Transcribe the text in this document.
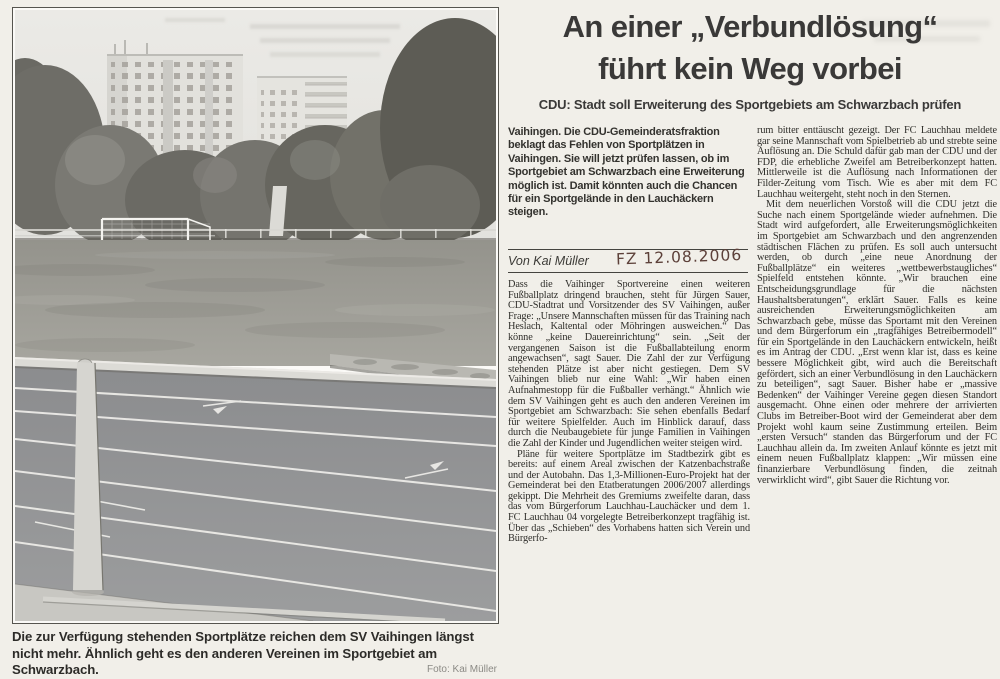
Die zur Verfügung stehenden Sportplätze reichen dem SV Vaihingen längst nicht mehr. Ähnlich geht es den anderen Vereinen im Sportgebiet am Schwarzbach.	Foto: Kai Müller
An einer „Verbundlösung“
führt kein Weg vorbei
CDU: Stadt soll Erweiterung des Sportgebiets am Schwarzbach prüfen
Vaihingen. Die CDU-Gemeinderatsfraktion beklagt das Fehlen von Sportplätzen in Vaihingen. Sie will jetzt prüfen lassen, ob im Sportgebiet am Schwarzbach eine Erweiterung möglich ist. Damit könnten auch die Chancen für ein Sportgelände in den Lauchäckern steigen.
Von Kai Müller FZ 12.08.2006

Dass die Vaihinger Sportvereine einen weiteren Fußballplatz dringend brauchen, steht für Jürgen Sauer, CDU-Stadtrat und Vorsitzender des SV Vaihingen, außer Frage: „Unsere Mannschaften müssen für das Training nach Heslach, Kaltental oder Möhringen ausweichen.“ Das könne „keine Dauereinrichtung“ sein. „Seit der vergangenen Saison ist die Fußballabteilung enorm angewachsen“, sagt Sauer. Die Zahl der zur Verfügung stehenden Plätze ist aber nicht gestiegen. Dem SV Vaihingen blieb nur eine Wahl: „Wir haben einen Aufnahmestopp für die Fußballer verhängt.“ Ähnlich wie dem SV Vaihingen geht es auch den anderen Vereinen im Sportgebiet am Schwarzbach: Sie sehen ebenfalls Bedarf für weitere Spielfelder. Auch im Hinblick darauf, dass durch die Neubaugebiete für junge Familien in Vaihingen die Zahl der Kinder und Jugendlichen weiter steigen wird.

Pläne für weitere Sportplätze im Stadtbezirk gibt es bereits: auf einem Areal zwischen der Katzenbachstraße und der Autobahn. Das 1,3-Millionen-Euro-Projekt hat der Gemeinderat bei den Etatberatungen 2006/2007 allerdings gekippt. Die Mehrheit des Gremiums zweifelte daran, dass das vom Bürgerforum Lauchhau-Lauchäcker und dem 1. FC Lauchhau 04 vorgelegte Betreiberkonzept tragfähig ist. Über das „Schieben“ des Vorhabens hatten sich Verein und Bürgerfo-

rum bitter enttäuscht gezeigt. Der FC Lauchhau meldete gar seine Mannschaft vom Spielbetrieb ab und strebte seine Auflösung an. Die Schuld dafür gab man der CDU und der FDP, die erhebliche Zweifel am Betreiberkonzept hatten. Mittlerweile ist die Auflösung nach Informationen der Filder-Zeitung vom Tisch. Wie es aber mit dem FC Lauchhau weitergeht, steht noch in den Sternen.

Mit dem neuerlichen Vorstoß will die CDU jetzt die Suche nach einem Sportgelände wieder aufnehmen. Die Stadt wird aufgefordert, alle Erweiterungsmöglichkeiten im Sportgebiet am Schwarzbach und den angrenzenden städtischen Flächen zu prüfen. Es soll auch untersucht werden, ob durch „eine neue Anordnung der Fußballplätze“ ein weiteres „wettbewerbstaugliches“ Spielfeld entstehen könnte. „Wir brauchen eine Entscheidungsgrundlage für die nächsten Haushaltsberatungen“, erklärt Sauer. Falls es keine ausreichenden Erweiterungsmöglichkeiten am Schwarzbach gebe, müsse das Sportamt mit den Vereinen und dem Bürgerforum ein „tragfähiges Betreibermodell“ für ein Sportgelände in den Lauchäckern entwickeln, heißt es im Antrag der CDU. „Erst wenn klar ist, dass es keine bessere Möglichkeit gibt, wird auch die Bereitschaft gefördert, sich an einer Verbundlösung in den Lauchäckern zu beteiligen“, sagt Sauer. Bisher habe er „massive Bedenken“ der Vaihinger Vereine gegen diesen Standort ausgemacht. Ohne einen oder mehrere der arrivierten Clubs im Betreiber-Boot wird der Gemeinderat aber dem Projekt wohl kaum seine Zustimmung erteilen. Beim „ersten Versuch“ standen das Bürgerforum und der FC Lauchhau allein da. Im zweiten Anlauf könnte es jetzt mit einem neuen Fußballplatz klappen: „Wir müssen eine finanzierbare Verbundlösung finden, die zeitnah verwirklicht wird“, gibt Sauer die Richtung vor.
